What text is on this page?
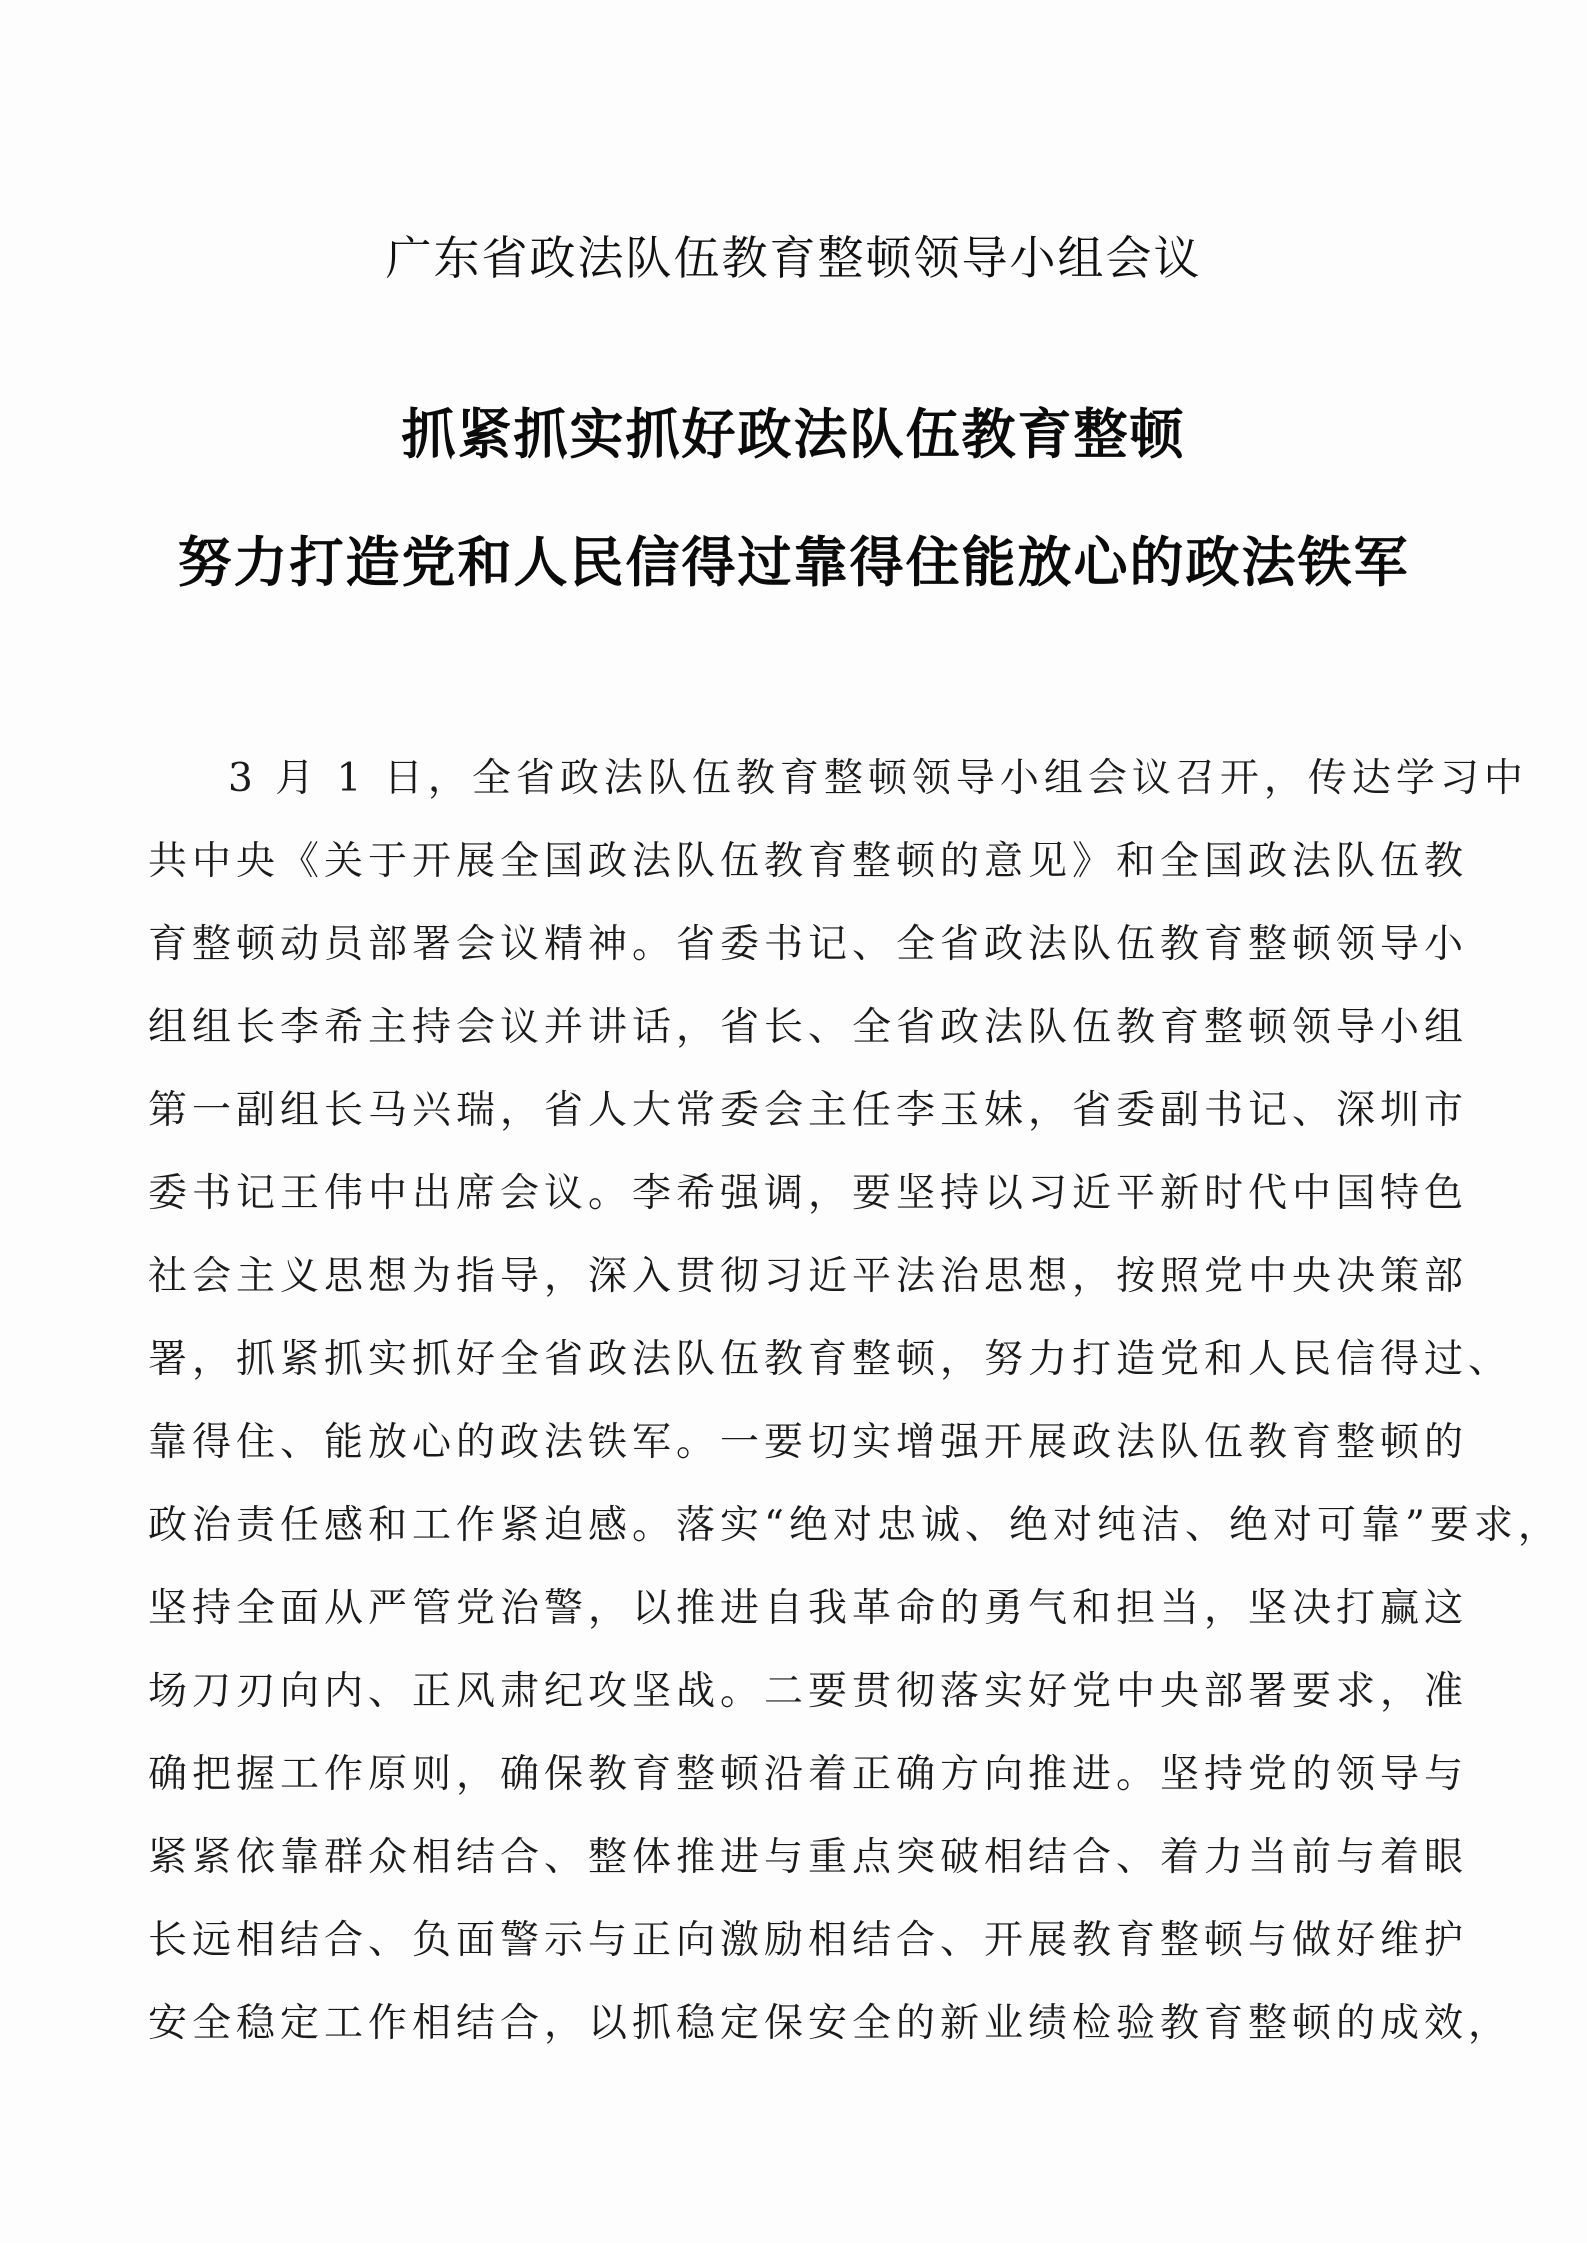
广东省政法队伍教育整顿领导小组会议
抓紧抓实抓好政法队伍教育整顿
努力打造党和人民信得过靠得住能放心的政法铁军
3 月 1 日，全省政法队伍教育整顿领导小组会议召开，传达学习中
共中央《关于开展全国政法队伍教育整顿的意见》和全国政法队伍教
育整顿动员部署会议精神。省委书记、全省政法队伍教育整顿领导小
组组长李希主持会议并讲话，省长、全省政法队伍教育整顿领导小组
第一副组长马兴瑞，省人大常委会主任李玉妹，省委副书记、深圳市
委书记王伟中出席会议。李希强调，要坚持以习近平新时代中国特色
社会主义思想为指导，深入贯彻习近平法治思想，按照党中央决策部
署，抓紧抓实抓好全省政法队伍教育整顿，努力打造党和人民信得过、
靠得住、能放心的政法铁军。一要切实增强开展政法队伍教育整顿的
政治责任感和工作紧迫感。落实“绝对忠诚、绝对纯洁、绝对可靠”要求，
坚持全面从严管党治警，以推进自我革命的勇气和担当，坚决打赢这
场刀刃向内、正风肃纪攻坚战。二要贯彻落实好党中央部署要求，准
确把握工作原则，确保教育整顿沿着正确方向推进。坚持党的领导与
紧紧依靠群众相结合、整体推进与重点突破相结合、着力当前与着眼
长远相结合、负面警示与正向激励相结合、开展教育整顿与做好维护
安全稳定工作相结合，以抓稳定保安全的新业绩检验教育整顿的成效，
